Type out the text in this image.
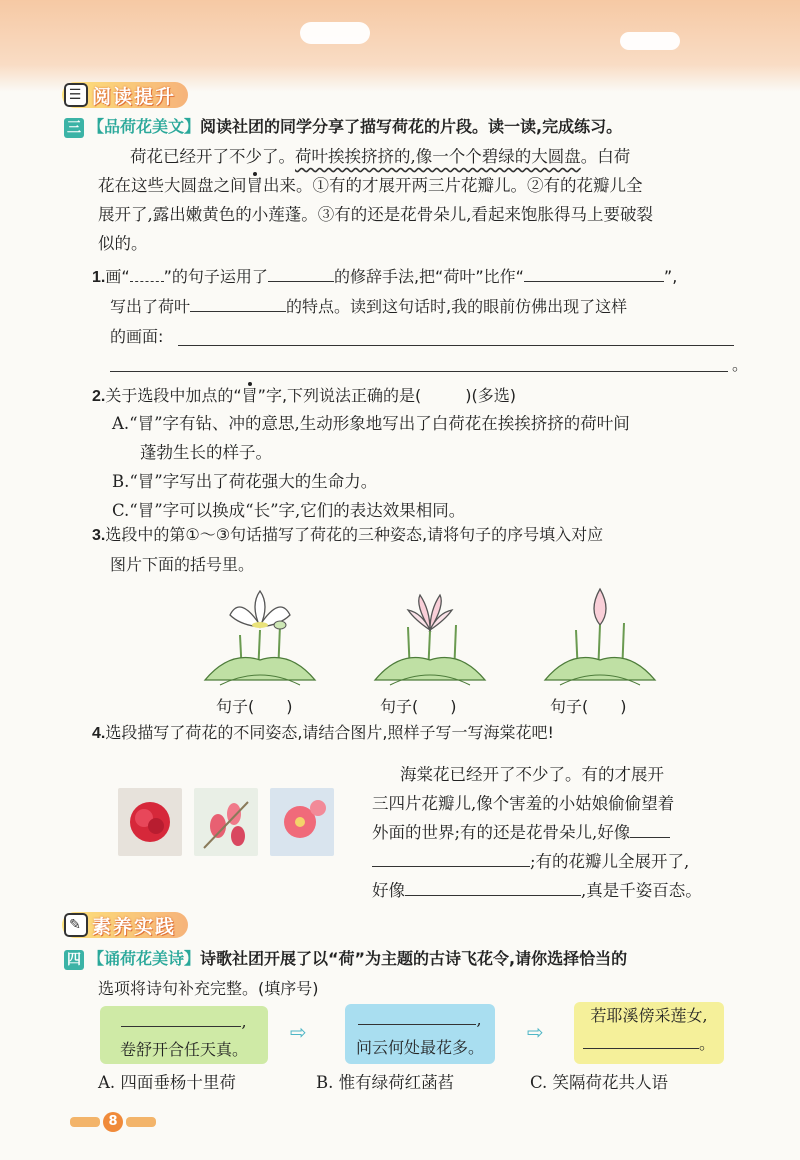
☰ 阅读提升
三 【品荷花美文】阅读社团的同学分享了描写荷花的片段。读一读,完成练习。
荷花已经开了不少了。荷叶挨挨挤挤的,像一个个碧绿的大圆盘。白荷
花在这些大圆盘之间冒出来。①有的才展开两三片花瓣儿。②有的花瓣儿全
展开了,露出嫩黄色的小莲蓬。③有的还是花骨朵儿,看起来饱胀得马上要破裂
似的。
1.画“ ”的句子运用了	的修辞手法,把“荷叶”比作“	”,
写出了荷叶	的特点。读到这句话时,我的眼前仿佛出现了这样
的画面:
。
2.关于选段中加点的“冒”字,下列说法正确的是(	)(多选)
A.“冒”字有钻、冲的意思,生动形象地写出了白荷花在挨挨挤挤的荷叶间
蓬勃生长的样子。
B.“冒”字写出了荷花强大的生命力。
C.“冒”字可以换成“长”字,它们的表达效果相同。
3.选段中的第①～③句话描写了荷花的三种姿态,请将句子的序号填入对应
图片下面的括号里。
句子(　　)	句子(　　)	句子(　　)
4.选段描写了荷花的不同姿态,请结合图片,照样子写一写海棠花吧!
海棠花已经开了不少了。有的才展开
三四片花瓣儿,像个害羞的小姑娘偷偷望着
外面的世界;有的还是花骨朵儿,好像
;有的花瓣儿全展开了,
好像	,真是千姿百态。
✎ 素养实践
四 【诵荷花美诗】诗歌社团开展了以“荷”为主题的古诗飞花令,请你选择恰当的
选项将诗句补充完整。(填序号)
,
卷舒开合任天真。
⇨
,
问云何处最花多。
⇨
若耶溪傍采莲女,
。
A. 四面垂杨十里荷	B. 惟有绿荷红菡萏	C. 笑隔荷花共人语
8
